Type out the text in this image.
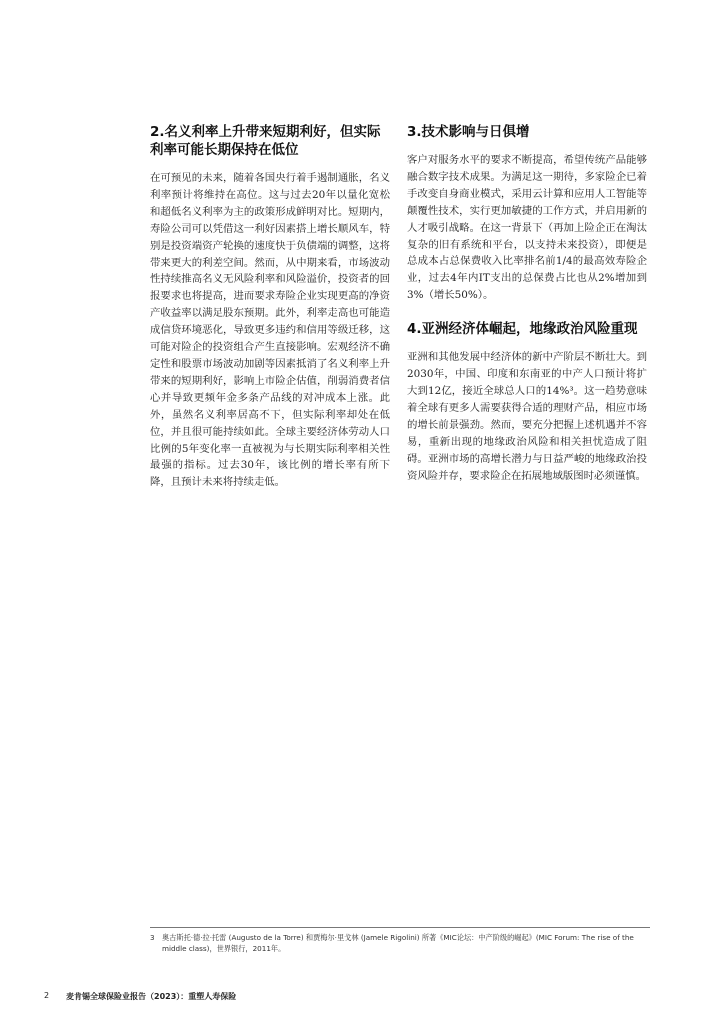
2.名义利率上升带来短期利好，但实际利率可能长期保持在低位

在可预见的未来，随着各国央行着手遏制通胀，名义利率预计将维持在高位。这与过去20年以量化宽松和超低名义利率为主的政策形成鲜明对比。短期内，寿险公司可以凭借这一利好因素搭上增长顺风车，特别是投资端资产轮换的速度快于负债端的调整，这将带来更大的利差空间。然而，从中期来看，市场波动性持续推高名义无风险利率和风险溢价，投资者的回报要求也将提高，进而要求寿险企业实现更高的净资产收益率以满足股东预期。此外，利率走高也可能造成信贷环境恶化，导致更多违约和信用等级迁移，这可能对险企的投资组合产生直接影响。宏观经济不确定性和股票市场波动加剧等因素抵消了名义利率上升带来的短期利好，影响上市险企估值，削弱消费者信心并导致更频年金多条产品线的对冲成本上涨。此外，虽然名义利率居高不下，但实际利率却处在低位，并且很可能持续如此。全球主要经济体劳动人口比例的5年变化率一直被视为与长期实际利率相关性最强的指标。过去30年，该比例的增长率有所下降，且预计未来将持续走低。

3.技术影响与日俱增

客户对服务水平的要求不断提高，希望传统产品能够融合数字技术成果。为满足这一期待，多家险企已着手改变自身商业模式，采用云计算和应用人工智能等颠覆性技术，实行更加敏捷的工作方式，并启用新的人才吸引战略。在这一背景下（再加上险企正在淘汰复杂的旧有系统和平台，以支持未来投资），即便是总成本占总保费收入比率排名前1/4的最高效寿险企业，过去4年内IT支出的总保费占比也从2%增加到3%（增长50%）。

4.亚洲经济体崛起，地缘政治风险重现

亚洲和其他发展中经济体的新中产阶层不断壮大。到2030年，中国、印度和东南亚的中产人口预计将扩大到12亿，接近全球总人口的14%³。这一趋势意味着全球有更多人需要获得合适的理财产品，相应市场的增长前景强劲。然而，要充分把握上述机遇并不容易，重新出现的地缘政治风险和相关担忧造成了阻碍。亚洲市场的高增长潜力与日益严峻的地缘政治投资风险并存，要求险企在拓展地域版图时必须谨慎。

3 奥古斯托·德·拉·托雷 (Augusto de la Torre) 和贾梅尔·里戈林 (Jamele Rigolini) 所著《MIC论坛：中产阶级的崛起》(MIC Forum: The rise of the middle class)，世界银行，2011年。
2 麦肯锡全球保险业报告（2023）：重塑人寿保险
